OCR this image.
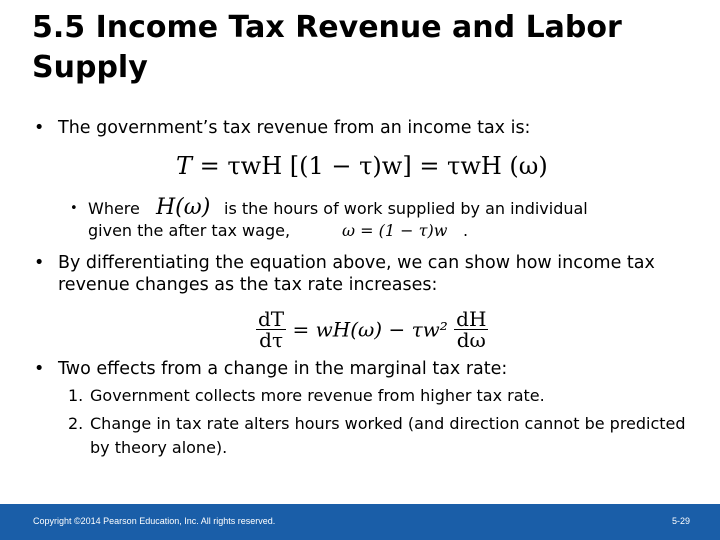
5.5 Income Tax Revenue and Labor Supply
• The government’s tax revenue from an income tax is:
T = τwH [(1 − τ)w] = τwH (ω)
• Where H(ω) is the hours of work supplied by an individual
given the after tax wage,	ω = (1 − τ)w .
• By differentiating the equation above, we can show how income tax revenue changes as the tax rate increases:
$\frac{dT}{d\tau} = wH(\omega) - \tau w^2 \frac{dH}{d\omega}$
• Two effects from a change in the marginal tax rate:
1. Government collects more revenue from higher tax rate.
2. Change in tax rate alters hours worked (and direction cannot be predicted by theory alone).
Copyright ©2014 Pearson Education, Inc. All rights reserved.	5-29
